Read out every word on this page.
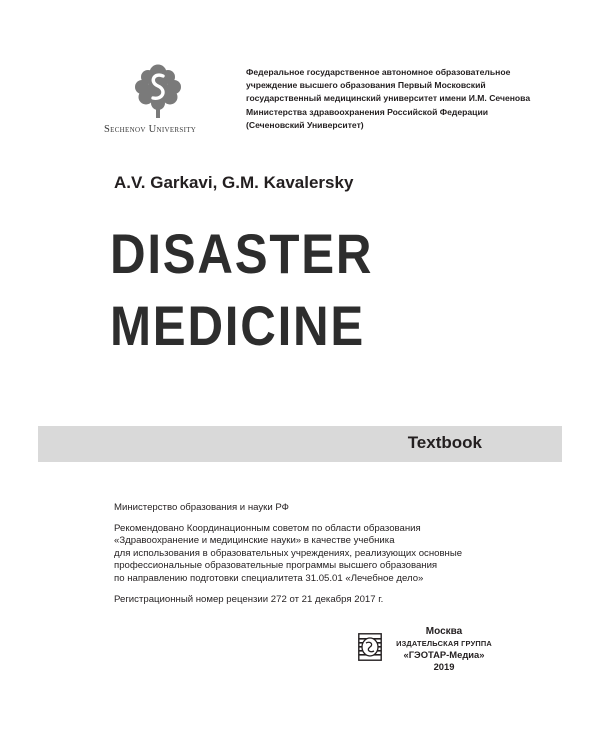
Sechenov University
Федеральное государственное автономное образовательное
учреждение высшего образования Первый Московский
государственный медицинский университет имени И.М. Сеченова
Министерства здравоохранения Российской Федерации
(Сеченовский Университет)
A.V. Garkavi, G.M. Kavalersky
DISASTER
MEDICINE
Textbook
Министерство образования и науки РФ
Рекомендовано Координационным советом по области образования
«Здравоохранение и медицинские науки» в качестве учебника
для использования в образовательных учреждениях, реализующих основные
профессиональные образовательные программы высшего образования
по направлению подготовки специалитета 31.05.01 «Лечебное дело»
Регистрационный номер рецензии 272 от 21 декабря 2017 г.
Москва
ИЗДАТЕЛЬСКАЯ ГРУППА
«ГЭОТАР-Медиа»
2019
